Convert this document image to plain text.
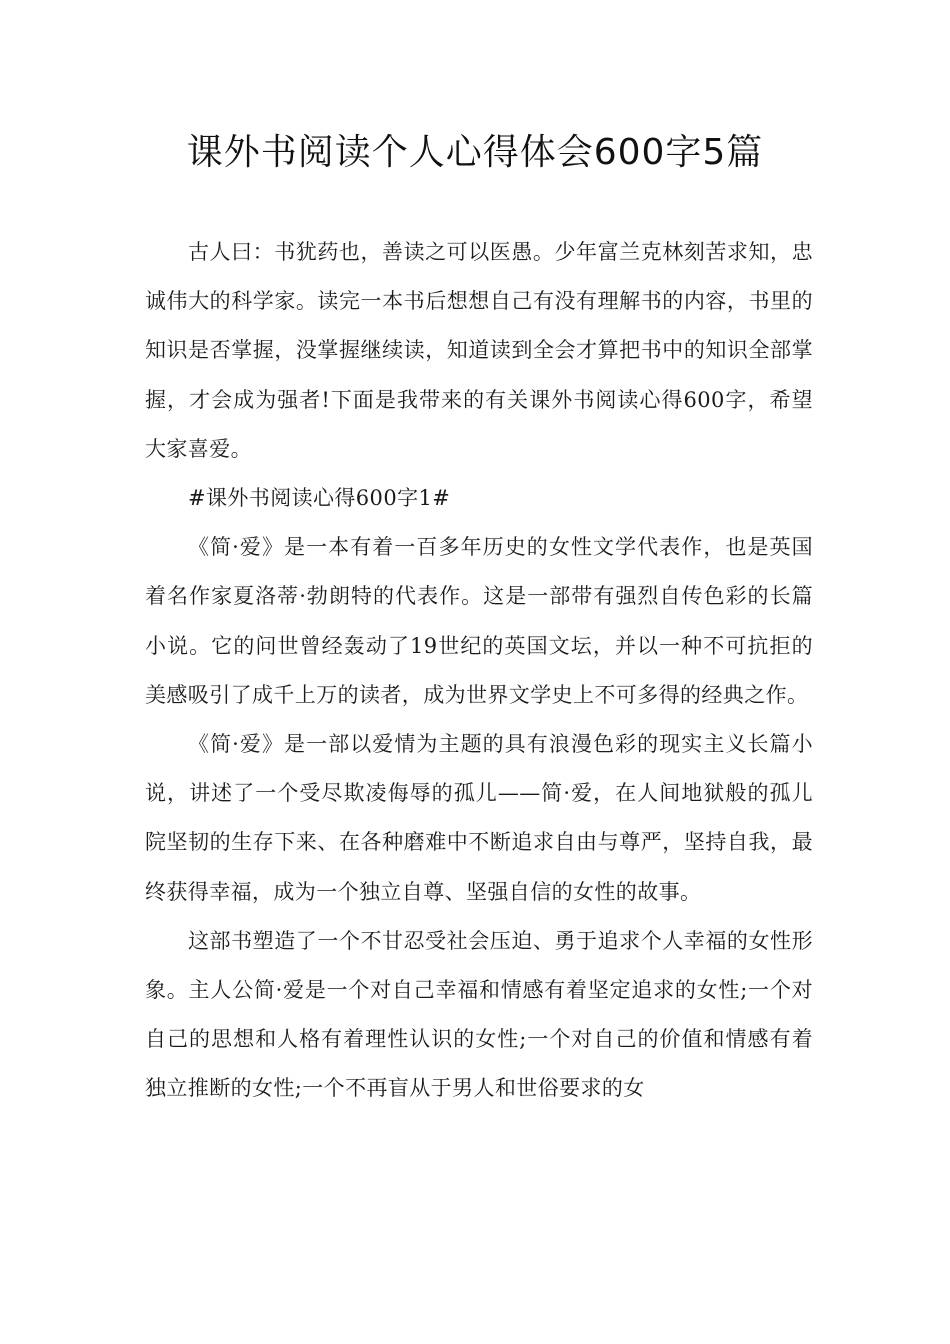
课外书阅读个人心得体会600字5篇

古人曰：书犹药也，善读之可以医愚。少年富兰克林刻苦求知，忠诚伟大的科学家。读完一本书后想想自己有没有理解书的内容，书里的知识是否掌握，没掌握继续读，知道读到全会才算把书中的知识全部掌握，才会成为强者!下面是我带来的有关课外书阅读心得600字，希望大家喜爱。

#课外书阅读心得600字1#

《简·爱》是一本有着一百多年历史的女性文学代表作，也是英国着名作家夏洛蒂·勃朗特的代表作。这是一部带有强烈自传色彩的长篇小说。它的问世曾经轰动了19世纪的英国文坛，并以一种不可抗拒的美感吸引了成千上万的读者，成为世界文学史上不可多得的经典之作。

《简·爱》是一部以爱情为主题的具有浪漫色彩的现实主义长篇小说，讲述了一个受尽欺凌侮辱的孤儿——简·爱，在人间地狱般的孤儿院坚韧的生存下来、在各种磨难中不断追求自由与尊严，坚持自我，最终获得幸福，成为一个独立自尊、坚强自信的女性的故事。

这部书塑造了一个不甘忍受社会压迫、勇于追求个人幸福的女性形象。主人公简·爱是一个对自己幸福和情感有着坚定追求的女性;一个对自己的思想和人格有着理性认识的女性;一个对自己的价值和情感有着独立推断的女性;一个不再盲从于男人和世俗要求的女
